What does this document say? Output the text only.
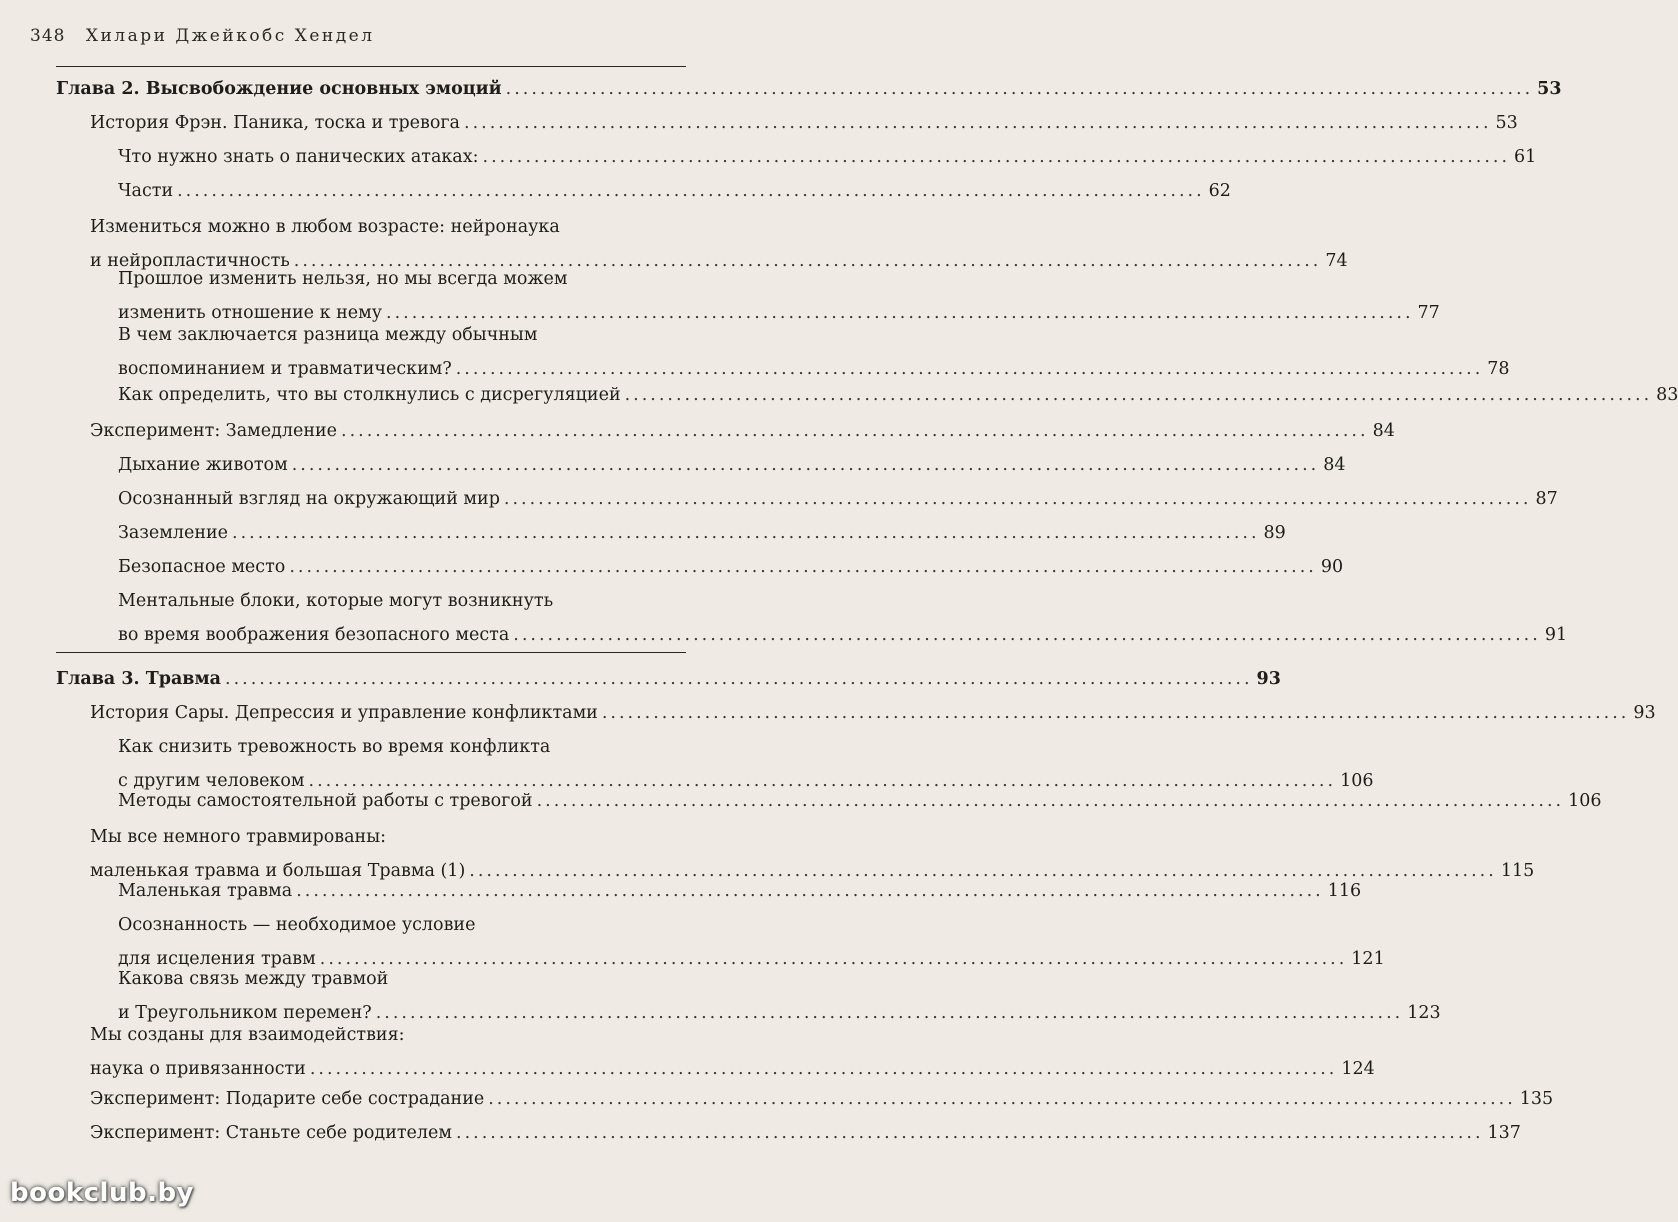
348 Хилари Джейкобс Хендел
Глава 2. Высвобождение основных эмоций ........................................................................................................................ 53
История Фрэн. Паника, тоска и тревога ........................................................................................................................ 53
Что нужно знать о панических атаках: ........................................................................................................................ 61
Части ........................................................................................................................ 62
Измениться можно в любом возрасте: нейронаука
и нейропластичность ........................................................................................................................ 74
Прошлое изменить нельзя, но мы всегда можем
изменить отношение к нему ........................................................................................................................ 77
В чем заключается разница между обычным
воспоминанием и травматическим? ........................................................................................................................ 78
Как определить, что вы столкнулись с дисрегуляцией ........................................................................................................................ 83
Эксперимент: Замедление ........................................................................................................................ 84
Дыхание животом ........................................................................................................................ 84
Осознанный взгляд на окружающий мир ........................................................................................................................ 87
Заземление ........................................................................................................................ 89
Безопасное место ........................................................................................................................ 90
Ментальные блоки, которые могут возникнуть
во время воображения безопасного места ........................................................................................................................ 91
Глава 3. Травма ........................................................................................................................ 93
История Сары. Депрессия и управление конфликтами ........................................................................................................................ 93
Как снизить тревожность во время конфликта
с другим человеком ........................................................................................................................ 106
Методы самостоятельной работы с тревогой ........................................................................................................................ 106
Мы все немного травмированы:
маленькая травма и большая Травма (1) ........................................................................................................................ 115
Маленькая травма ........................................................................................................................ 116
Осознанность — необходимое условие
для исцеления травм ........................................................................................................................ 121
Какова связь между травмой
и Треугольником перемен? ........................................................................................................................ 123
Мы созданы для взаимодействия:
наука о привязанности ........................................................................................................................ 124
Эксперимент: Подарите себе сострадание ........................................................................................................................ 135
Эксперимент: Станьте себе родителем ........................................................................................................................ 137
bookclub.by
